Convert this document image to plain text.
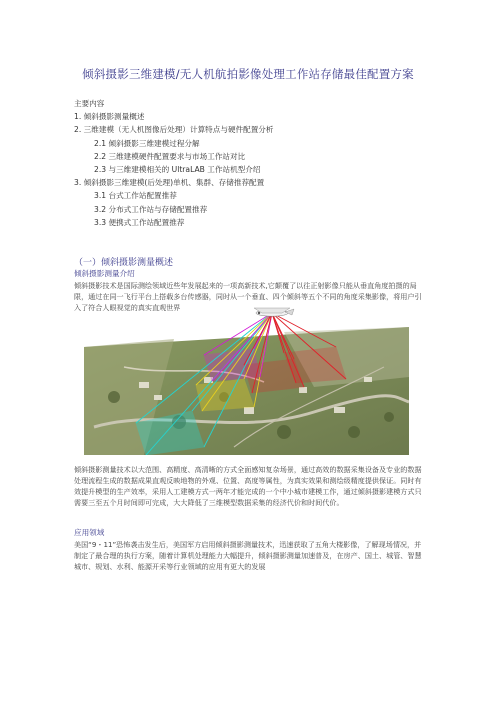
倾斜摄影三维建模/无人机航拍影像处理工作站存储最佳配置方案
主要内容
1. 倾斜摄影测量概述
2. 三维建模（无人机图像后处理）计算特点与硬件配置分析
2.1 倾斜摄影三维建模过程分解
2.2 三维建模硬件配置要求与市场工作站对比
2.3 与三维建模相关的 UltraLAB 工作站机型介绍
3. 倾斜摄影三维建模(后处理)单机、集群、存储推荐配置
3.1 台式工作站配置推荐
3.2 分布式工作站与存储配置推荐
3.3 便携式工作站配置推荐
（一）倾斜摄影测量概述
倾斜摄影测量介绍
倾斜摄影技术是国际测绘领域近些年发展起来的一项高新技术,它颠覆了以往正射影像只能从垂直角度拍摄的局限，通过在同一飞行平台上搭载多台传感器，同时从一个垂直、四个倾斜等五个不同的角度采集影像，将用户引入了符合人眼视觉的真实直观世界
倾斜摄影测量技术以大范围、高精度、高清晰的方式全面感知复杂场景，通过高效的数据采集设备及专业的数据处理流程生成的数据成果直观反映地物的外观、位置、高度等属性，为真实效果和测绘级精度提供保证。同时有效提升模型的生产效率，采用人工建模方式一两年才能完成的一个中小城市建模工作，通过倾斜摄影建模方式只需要三至五个月时间即可完成，大大降低了三维模型数据采集的经济代价和时间代价。
应用领域
美国“9・11”恐怖袭击发生后，美国军方启用倾斜摄影测量技术，迅速获取了五角大楼影像，了解现场情况，并制定了最合理的执行方案，随着计算机处理能力大幅提升，倾斜摄影测量加速普及，在房产、国土、城管、智慧城市、规划、水利、能源开采等行业领域的应用有更大的发展
